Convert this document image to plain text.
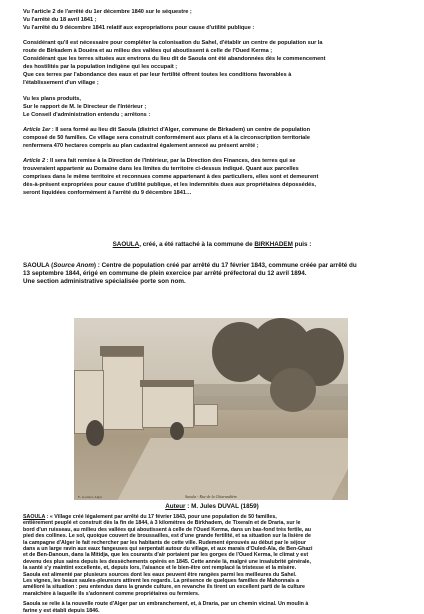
Vu l'article 2 de l'arrêté du 1er décembre 1840 sur le séquestre ;
Vu l'arrêté du 18 avril 1841 ;
Vu l'arrêté du 9 décembre 1841 relatif aux expropriations pour cause d'utilité publique :
Considérant qu'il est nécessaire pour compléter la colonisation du Sahel, d'établir un centre de population sur la
route de Birkadem à Douéra et au milieu des vallées qui aboutissent à celle de l'Oued Kerma ;
Considérant que les terres situées aux environs du lieu dit de Saoula ont été abandonnées dès le commencement
des hostilités par la population indigène qui les occupait ;
Que ces terres par l'abondance des eaux et par leur fertilité offrent toutes les conditions favorables à
l'établissement d'un village ;
Vu les plans produits,
Sur le rapport de M. le Directeur de l'Intérieur ;
Le Conseil d'administration entendu ; arrêtons :
Article 1er : Il sera formé au lieu dit Saoula (district d'Alger, commune de Birkadem) un centre de population
composé de 50 familles. Ce village sera construit conformément aux plans et à la circonscription territoriale
renfermera 470 hectares compris au plan cadastral également annexé au présent arrêté ;
Article 2 : Il sera fait remise à la Direction de l'Intérieur, par la Direction des Finances, des terres qui se
trouveraient appartenir au Domaine dans les limites du territoire ci-dessus indiqué. Quant aux parcelles
comprises dans le même territoire et reconnues comme appartenant à des particuliers, elles sont et demeurent
dès-à-présent expropriées pour cause d'utilité publique, et les indemnités dues aux propriétaires dépossédés,
seront liquidées conformément à l'arrêté du 9 décembre 1841…
SAOULA, créé, a été rattaché à la commune de BIRKHADEM puis :
SAOULA (Source Anom) : Centre de population créé par arrêté du 17 février 1843, commune créée par arrêté du
13 septembre 1844, érigé en commune de plein exercice par arrêté préfectoral du 12 avril 1894.
Une section administrative spécialisée porte son nom.
E. Gouvier, Alger	Saoula - Rue de la Chiarandière
Auteur : M. Jules DUVAL (1859)
SAOULA : « Village créé légalement par arrêté du 17 février 1843, pour une population de 50 familles,
entièrement peuplé et construit dès la fin de 1844, à 3 kilomètres de Birkhadem, de Tixeraïn et de Draria, sur le
bord d'un ruisseau, au milieu des vallées qui aboutissent à celle de l'Oued Kerma, dans un bas-fond très fertile, au
pied des collines. Le sol, quoique couvert de broussailles, est d'une grande fertilité, et sa situation sur la lisière de
la campagne d'Alger le fait rechercher par les habitants de cette ville. Rudement éprouvés au début par le séjour
dans a un large ravin aux eaux fangeuses qui serpentait autour du village, et aux marais d'Ouled-Ala, de Ben-Ghazi
et de Ben-Danoun, dans la Mitidja, que les courants d'air portaient par les gorges de l'Oued Kerma, le climat y est
devenu des plus sains depuis les dessèchements opérés en 1845. Cette année là, malgré une insalubrité générale,
la santé s'y maintint excellente, et, depuis lors, l'aisance et le bien-être ont remplacé la tristesse et la misère.
Saoula est alimenté par plusieurs sources dont les eaux peuvent être rangées parmi les meilleures du Sahel.
Les vignes, les beaux saules-pleureurs attirent les regards. La présence de quelques familles de Mahonnais a
amélioré la situation : peu entendus dans la grande culture, en revanche ils tirent un excellent parti de la culture
maraîchère à laquelle ils s'adonnent comme propriétaires ou fermiers.
Saoula se relie à la nouvelle route d'Alger par un embranchement, et, à Draria, par un chemin vicinal. Un moulin à
farine y est établi depuis 1846.
